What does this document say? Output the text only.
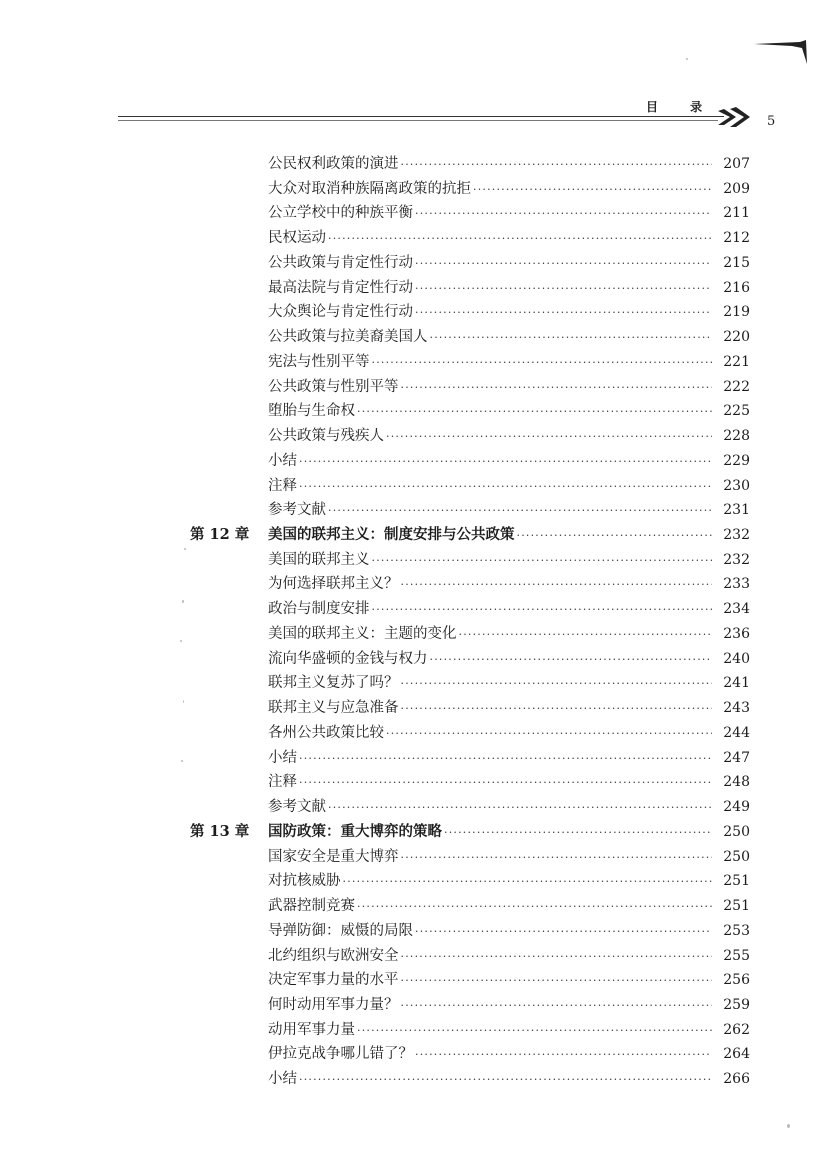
目 录
5
公民权利政策的演进 ·····	207
大众对取消种族隔离政策的抗拒 ·····	209
公立学校中的种族平衡 ·····	211
民权运动 ·····	212
公共政策与肯定性行动 ·····	215
最高法院与肯定性行动 ·····	216
大众舆论与肯定性行动 ·····	219
公共政策与拉美裔美国人 ·····	220
宪法与性别平等 ·····	221
公共政策与性别平等 ·····	222
堕胎与生命权 ·····	225
公共政策与残疾人 ·····	228
小结 ·····	229
注释 ·····	230
参考文献 ·····	231
第 12 章 美国的联邦主义：制度安排与公共政策 ·····	232
美国的联邦主义 ·····	232
为何选择联邦主义？ ·····	233
政治与制度安排 ·····	234
美国的联邦主义：主题的变化 ·····	236
流向华盛顿的金钱与权力 ·····	240
联邦主义复苏了吗？ ·····	241
联邦主义与应急准备 ·····	243
各州公共政策比较 ·····	244
小结 ·····	247
注释 ·····	248
参考文献 ·····	249
第 13 章 国防政策：重大博弈的策略 ·····	250
国家安全是重大博弈 ·····	250
对抗核威胁 ·····	251
武器控制竞赛 ·····	251
导弹防御：威慑的局限 ·····	253
北约组织与欧洲安全 ·····	255
决定军事力量的水平 ·····	256
何时动用军事力量？ ·····	259
动用军事力量 ·····	262
伊拉克战争哪儿错了？ ·····	264
小结 ·····	266
